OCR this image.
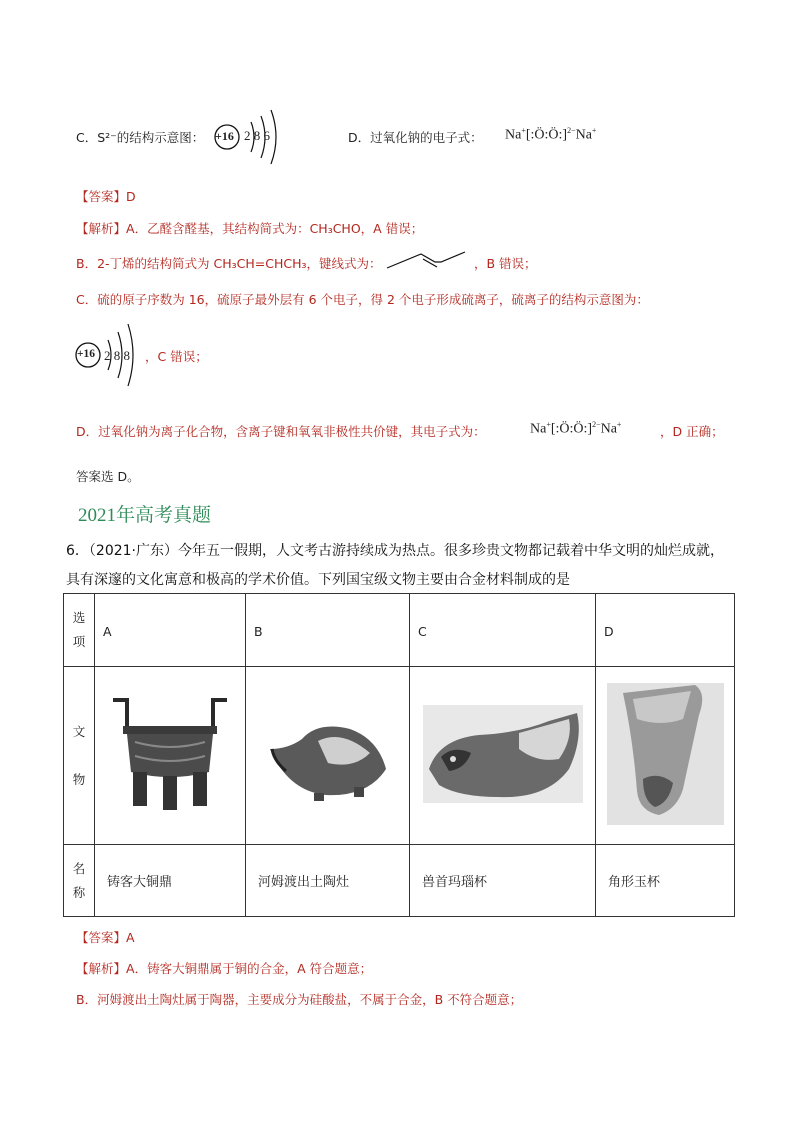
C．S²⁻的结构示意图： +16 2 8 6	D．过氧化钠的电子式： Na+[:Ö:Ö:]$^{2-}$Na+
【答案】D
【解析】A．乙醛含醛基，其结构简式为：CH₃CHO，A 错误；
B．2-丁烯的结构简式为 CH₃CH=CHCH₃，键线式为：	，B 错误；
C．硫的原子序数为 16，硫原子最外层有 6 个电子，得 2 个电子形成硫离子，硫离子的结构示意图为：
+16 2 8 8 ，C 错误；
D．过氧化钠为离子化合物，含离子键和氧氧非极性共价键，其电子式为：	Na+[:Ö:Ö:]$^{2-}$Na+	，D 正确；
答案选 D。
2021年高考真题
6．（2021·广东）今年五一假期，人文考古游持续成为热点。很多珍贵文物都记载着中华文明的灿烂成就，
具有深邃的文化寓意和极高的学术价值。下列国宝级文物主要由合金材料制成的是
选
项	A	B	C	D
文

物				
名
称	铸客大铜鼎	河姆渡出土陶灶	兽首玛瑙杯	角形玉杯
【答案】A
【解析】A．铸客大铜鼎属于铜的合金，A 符合题意；
B．河姆渡出土陶灶属于陶器，主要成分为硅酸盐，不属于合金，B 不符合题意；
